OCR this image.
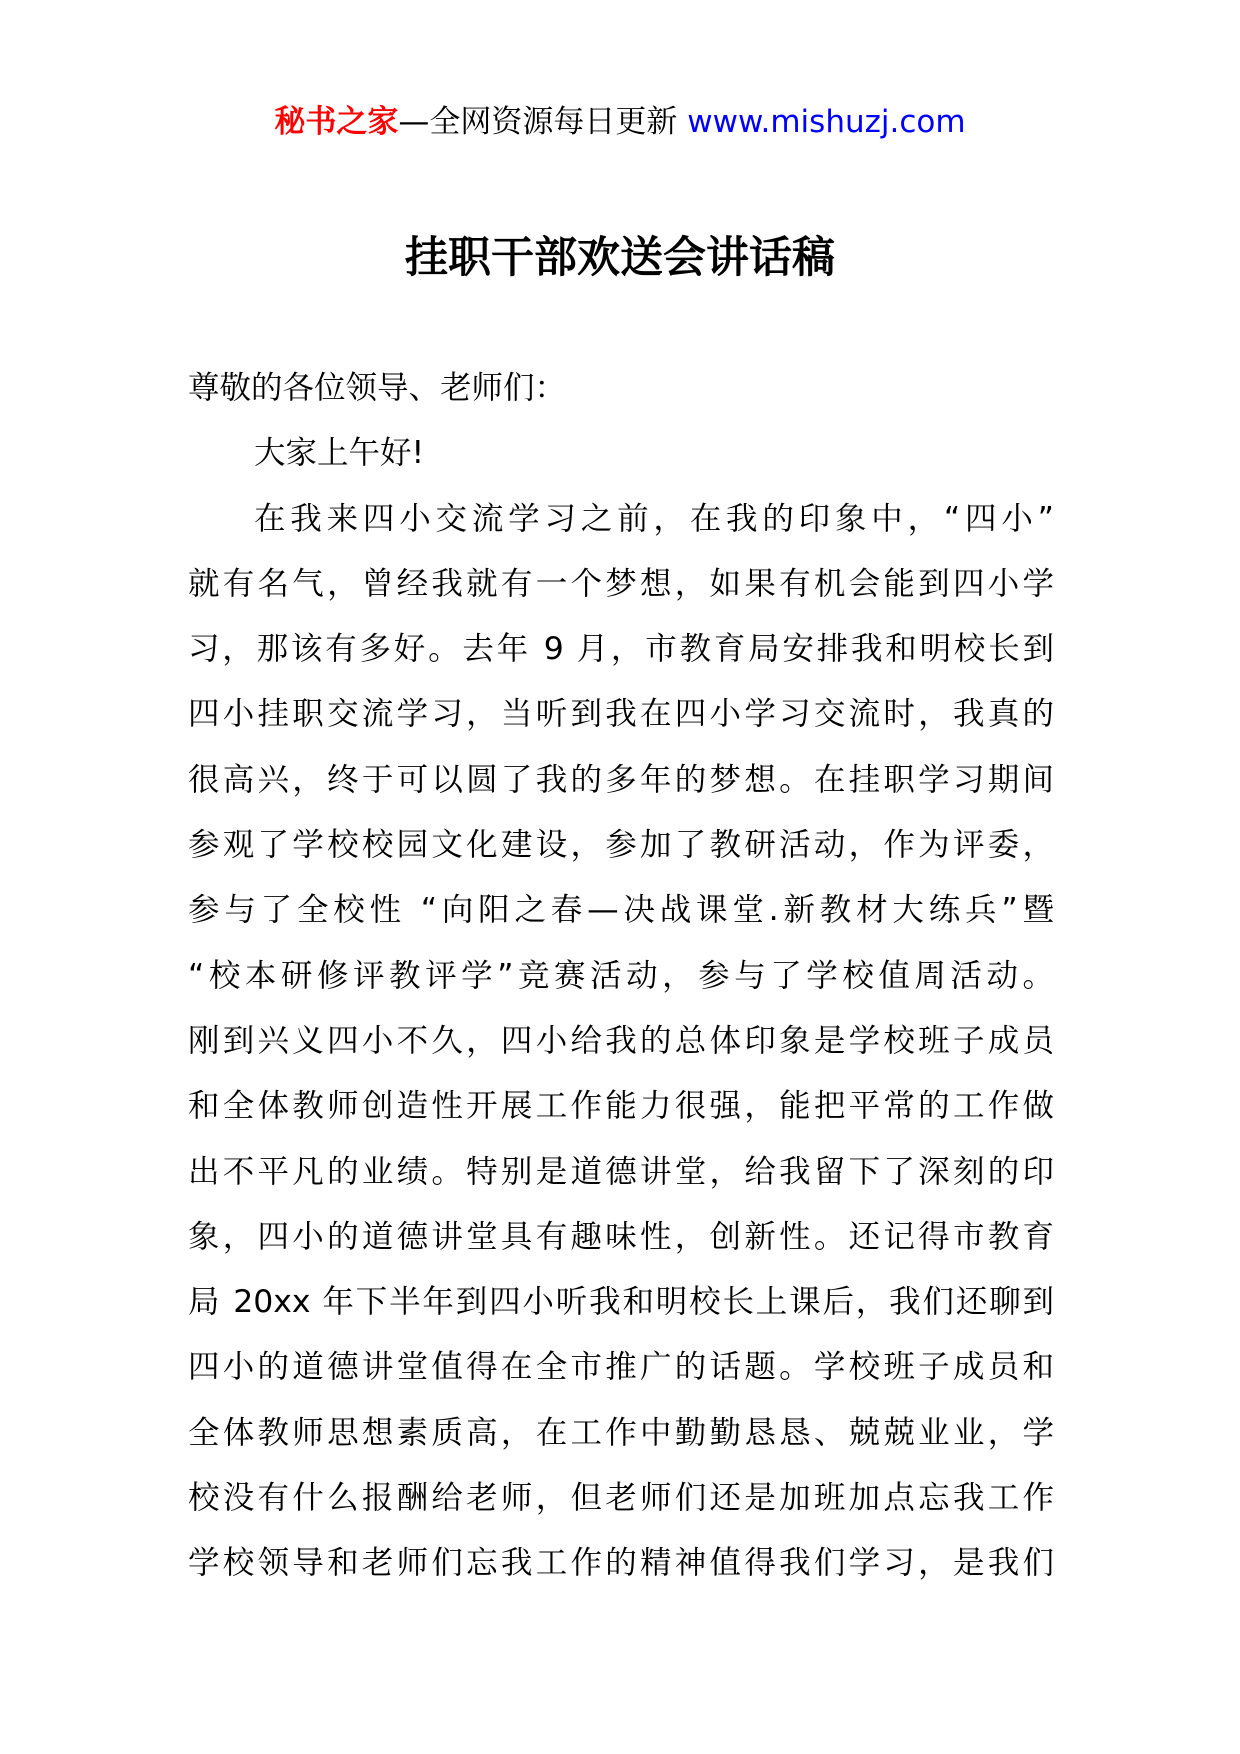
秘书之家—全网资源每日更新 www.mishuzj.com
挂职干部欢送会讲话稿
尊敬的各位领导、老师们：
大家上午好!
在我来四小交流学习之前，在我的印象中，“四小”
就有名气，曾经我就有一个梦想，如果有机会能到四小学
习，那该有多好。去年 9 月，市教育局安排我和明校长到
四小挂职交流学习，当听到我在四小学习交流时，我真的
很高兴，终于可以圆了我的多年的梦想。在挂职学习期间
参观了学校校园文化建设，参加了教研活动，作为评委，
参与了全校性 “向阳之春—决战课堂.新教材大练兵”暨
“校本研修评教评学”竞赛活动，参与了学校值周活动。
刚到兴义四小不久，四小给我的总体印象是学校班子成员
和全体教师创造性开展工作能力很强，能把平常的工作做
出不平凡的业绩。特别是道德讲堂，给我留下了深刻的印
象，四小的道德讲堂具有趣味性，创新性。还记得市教育
局 20xx 年下半年到四小听我和明校长上课后，我们还聊到
四小的道德讲堂值得在全市推广的话题。学校班子成员和
全体教师思想素质高，在工作中勤勤恳恳、兢兢业业，学
校没有什么报酬给老师，但老师们还是加班加点忘我工作
学校领导和老师们忘我工作的精神值得我们学习，是我们
